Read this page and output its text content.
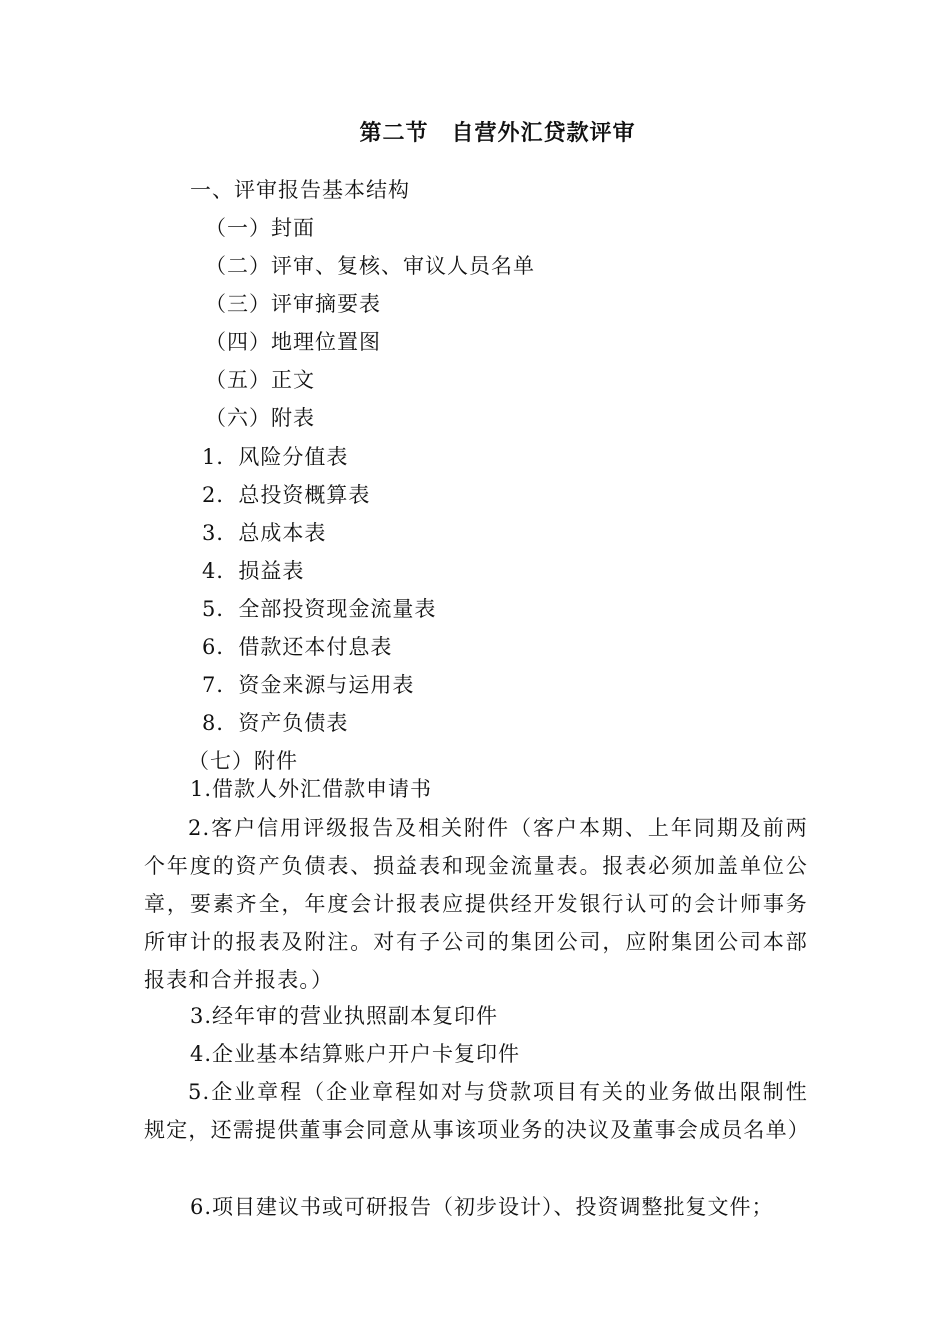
第二节　自营外汇贷款评审
一、评审报告基本结构
（一）封面
（二）评审、复核、审议人员名单
（三）评审摘要表
（四）地理位置图
（五）正文
（六）附表
1．风险分值表
2．总投资概算表
3．总成本表
4．损益表
5．全部投资现金流量表
6．借款还本付息表
7．资金来源与运用表
8．资产负债表
（七）附件
1.借款人外汇借款申请书
2.客户信用评级报告及相关附件（客户本期、上年同期及前两个年度的资产负债表、损益表和现金流量表。报表必须加盖单位公章，要素齐全，年度会计报表应提供经开发银行认可的会计师事务所审计的报表及附注。对有子公司的集团公司，应附集团公司本部报表和合并报表。）
3.经年审的营业执照副本复印件
4.企业基本结算账户开户卡复印件
5.企业章程（企业章程如对与贷款项目有关的业务做出限制性规定，还需提供董事会同意从事该项业务的决议及董事会成员名单）
6.项目建议书或可研报告（初步设计）、投资调整批复文件；
